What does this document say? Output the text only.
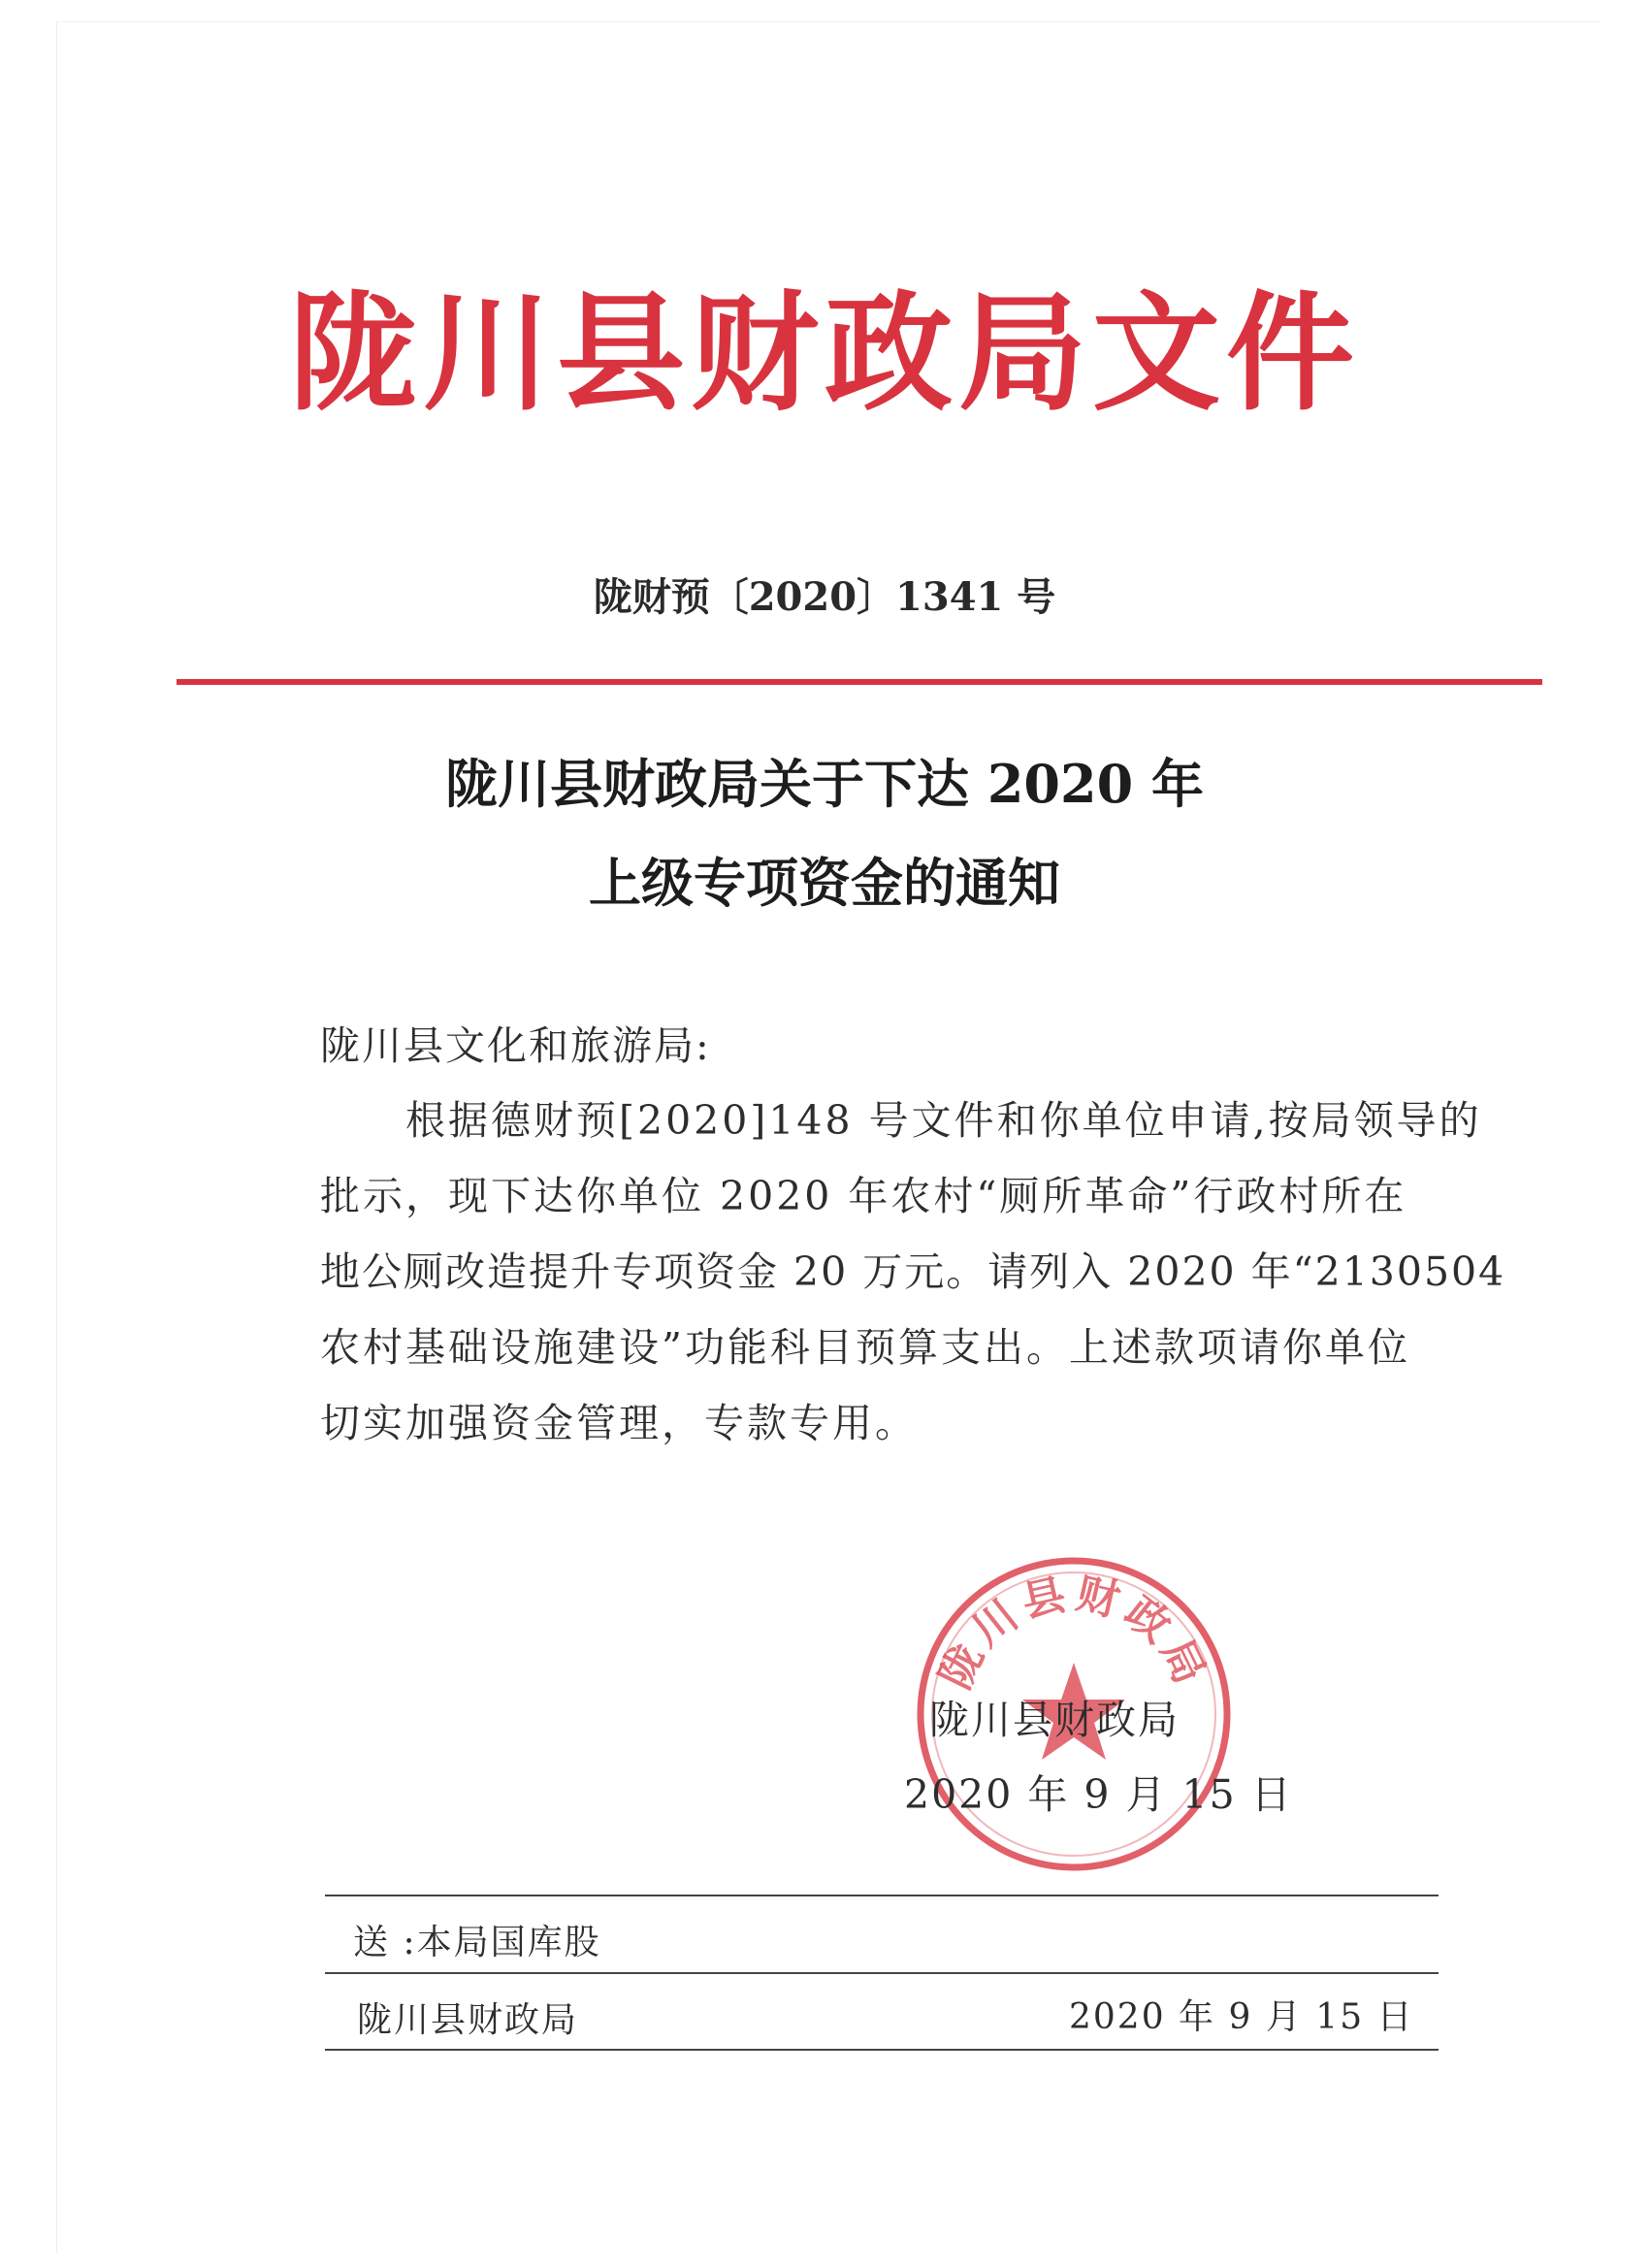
陇川县财政局文件
陇财预〔2020〕1341 号
陇川县财政局关于下达 2020 年
上级专项资金的通知
陇川县文化和旅游局:
根据德财预[2020]148 号文件和你单位申请,按局领导的
批示，现下达你单位 2020 年农村“厕所革命”行政村所在
地公厕改造提升专项资金 20 万元。请列入 2020 年“2130504
农村基础设施建设”功能科目预算支出。上述款项请你单位
切实加强资金管理，专款专用。
陇川县财政局
陇川县财政局
2020 年 9 月 15 日
送 :本局国库股
陇川县财政局	2020 年 9 月 15 日
